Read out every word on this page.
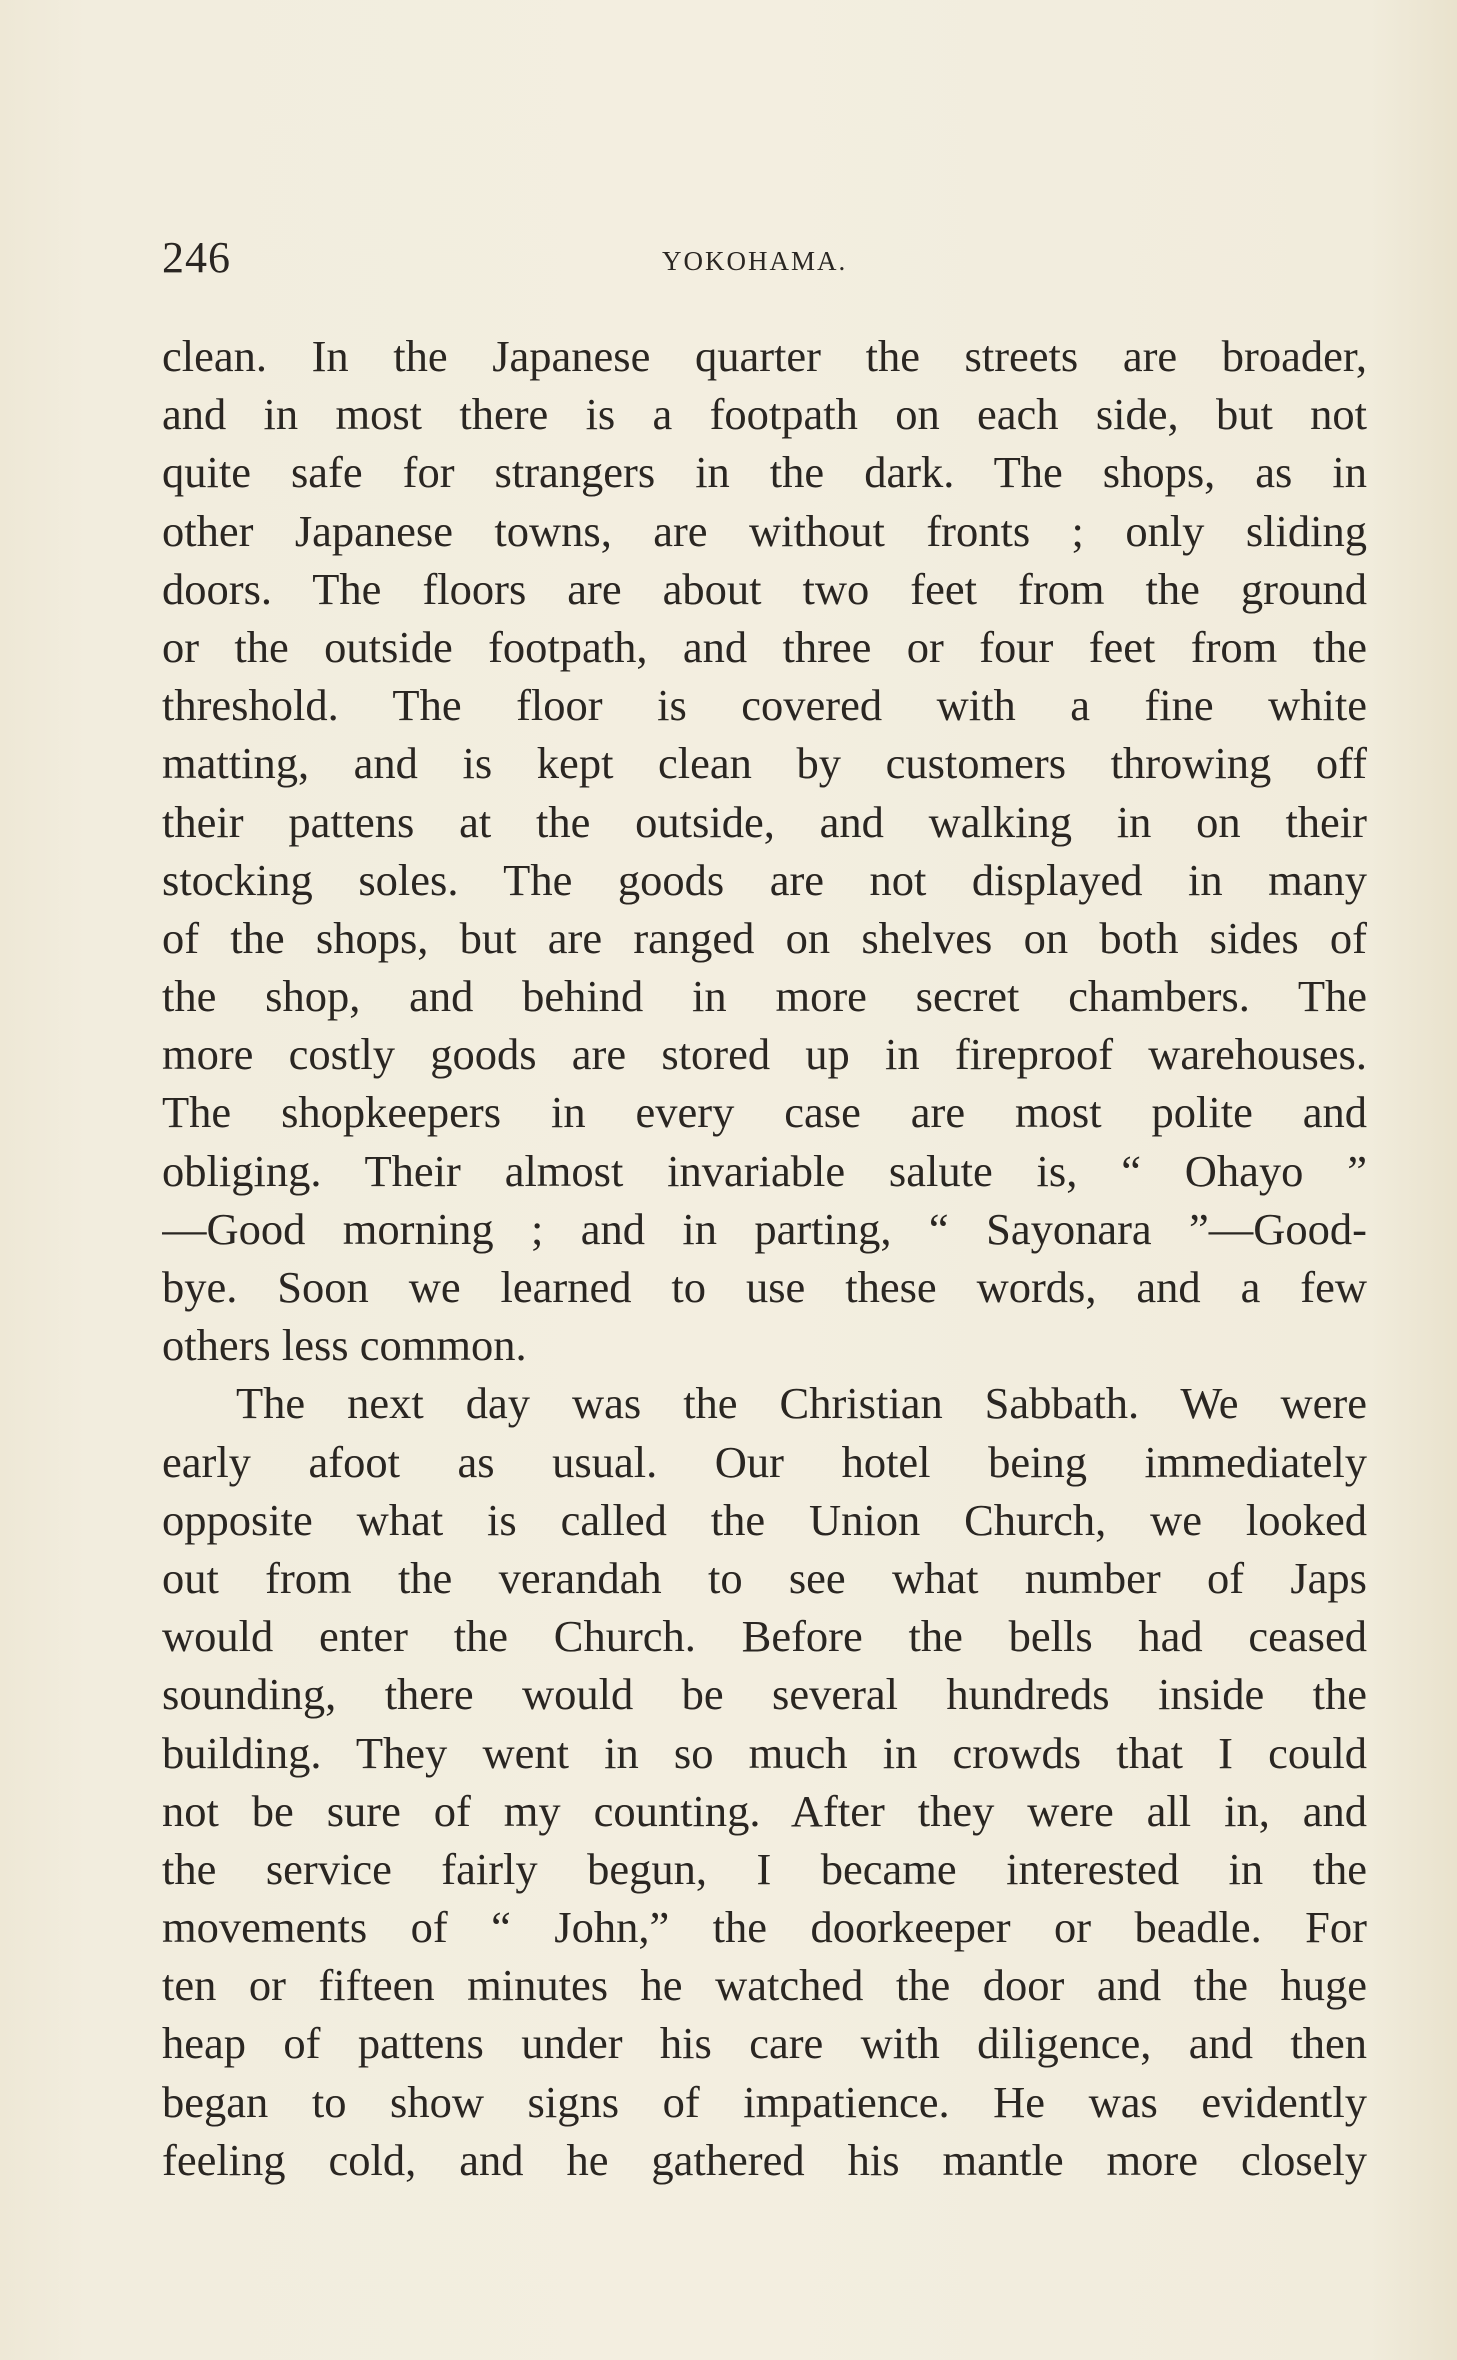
246	YOKOHAMA.
clean. In the Japanese quarter the streets are broader,
and in most there is a footpath on each side, but not
quite safe for strangers in the dark. The shops, as in
other Japanese towns, are without fronts ; only sliding
doors. The floors are about two feet from the ground
or the outside footpath, and three or four feet from the
threshold. The floor is covered with a fine white
matting, and is kept clean by customers throwing off
their pattens at the outside, and walking in on their
stocking soles. The goods are not displayed in many
of the shops, but are ranged on shelves on both sides of
the shop, and behind in more secret chambers. The
more costly goods are stored up in fireproof warehouses.
The shopkeepers in every case are most polite and
obliging. Their almost invariable salute is, “ Ohayo ”
—Good morning ; and in parting, “ Sayonara ”—Good-
bye. Soon we learned to use these words, and a few
others less common.
The next day was the Christian Sabbath. We were
early afoot as usual. Our hotel being immediately
opposite what is called the Union Church, we looked
out from the verandah to see what number of Japs
would enter the Church. Before the bells had ceased
sounding, there would be several hundreds inside the
building. They went in so much in crowds that I could
not be sure of my counting. After they were all in, and
the service fairly begun, I became interested in the
movements of “ John,” the doorkeeper or beadle. For
ten or fifteen minutes he watched the door and the huge
heap of pattens under his care with diligence, and then
began to show signs of impatience. He was evidently
feeling cold, and he gathered his mantle more closely
